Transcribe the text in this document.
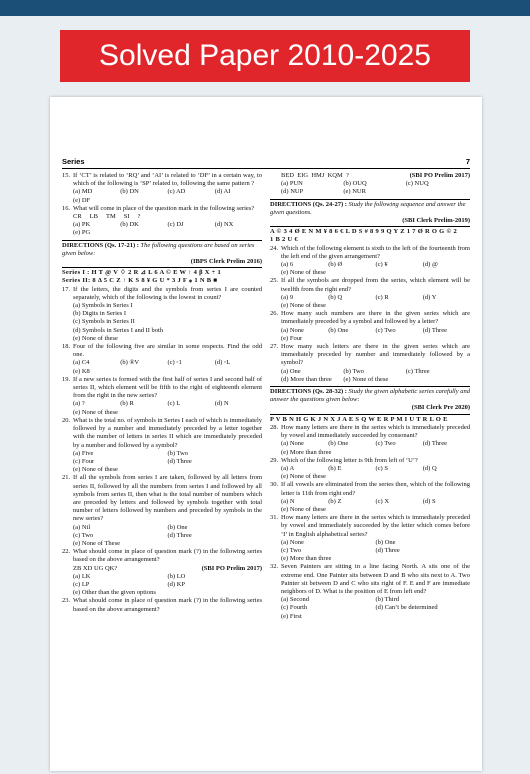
Solved Paper 2010-2025
Series	7
15. If ‘CT’ is related to ‘RQ’ and ‘AI’ is related to ‘DF’ in a certain way, to which of the following is ‘SP’ related to, following the same pattern ?
(a) MD	(b) DN	(c) AD	(d) AI
(e) DF
16. What will come in place of the question mark in the following series?
CR LB TM SI ?
(a) PK	(b) DK	(c) DJ	(d) NX
(e) PG
DIRECTIONS (Qs. 17-21) : The following questions are based on series given below:
(IBPS Clerk Prelim 2016)
Series I : H T @ V ♢ 2 R ⊿ L 6 A © E W ↑ 4 β X ÷ 1
Series II: 8 Δ 5 C Z ↑ K S 8 ¥ G U * 3 J F ⁎ 1 N B ■
17. If the letters, the digits and the symbols from series I are counted separately, which of the following is the lowest in count?
(a) Symbols in Series I
(b) Digits in Series I
(c) Symbols in Series II
(d) Symbols in Series I and II both
(e) None of these
18. Four of the following five are similar in some respects. Find the odd one.
(a) C4	(b) ®V	(c) ◦1	(d) ◦L
(e) K8
19. If a new series is formed with the first half of series I and second half of series II, which element will be fifth to the right of eighteenth element from the right in the new series?
(a) ?	(b) R	(c) L	(d) N
(e) None of these
20. What is the total no. of symbols in Series I each of which is immediately followed by a number and immediately preceded by a letter together with the number of letters in series II which are immediately preceded by a number and followed by a symbol?
(a) Five	(b) Two
(c) Four	(d) Three
(e) None of these
21. If all the symbols from series I are taken, followed by all letters from series II, followed by all the numbers from series I and followed by all symbols from series II, then what is the total number of numbers which are preceded by letters and followed by symbols together with total number of letters followed by numbers and preceded by symbols in the new series?
(a) Nil	(b) One
(c) Two	(d) Three
(e) None of These
22. What should come in place of question mark (?) in the following series based on the above arrangement?
ZB XD UG QK?	(SBI PO Prelim 2017)
(a) LK	(b) LO
(c) LP	(d) KP
(e) Other than the given options
23. What should come in place of question mark (?) in the following series based on the above arrangement?
BED EIG HMJ KQM ?	(SBI PO Prelim 2017)
(a) PUN	(b) OUQ	(c) NUQ
(d) NUP	(e) NUR
DIRECTIONS (Qs. 24-27) : Study the following sequence and answer the given questions.
(SBI Clerk Prelim-2019)
A © 3 4 Ø E N M ¥ 8 6 € L D S # 8 9 9 Q Y Z 1 7 Ø R O G © 2
1 B 2 U €
24. Which of the following element is sixth to the left of the fourteenth from the left end of the given arrangement?
(a) 6	(b) Ø	(c) ¥	(d) @
(e) None of these
25. If all the symbols are dropped from the series, which element will be twelfth from the right end?
(a) 9	(b) Q	(c) R	(d) Y
(e) None of these
26. How many such numbers are there in the given series which are immediately preceded by a symbol and followed by a letter?
(a) None	(b) One	(c) Two	(d) Three
(e) Four
27. How many such letters are there in the given series which are immediately preceded by number and immediately followed by a symbol?
(a) One	(b) Two	(c) Three
(d) More than three	(e) None of these
DIRECTIONS (Qs. 28-32) : Study the given alphabetic series carefully and answer the questions given below:
(SBI Clerk Pre 2020)
P V B N H G K J N X J A E S Q W E R P M I U T R L O E
28. How many letters are there in the series which is immediately preceded by vowel and immediately succeeded by consonant?
(a) None	(b) One	(c) Two	(d) Three
(e) More than three
29. Which of the following letter is 9th from left of ‘U’?
(a) A	(b) E	(c) S	(d) Q
(e) None of these
30. If all vowels are eliminated from the series then, which of the following letter is 11th from right end?
(a) N	(b) Z	(c) X	(d) S
(e) None of these
31. How many letters are there in the series which is immediately preceded by vowel and immediately succeeded by the letter which comes before ‘I’ in English alphabetical series?
(a) None	(b) One
(c) Two	(d) Three
(e) More than three
32. Seven Painters are sitting in a line facing North. A sits one of the extreme end. One Painter sits between D and B who sits next to A. Two Painter sit between D and C who sits right of F. E and F are immediate neighbors of D. What is the position of E from left end?
(a) Second	(b) Third
(c) Fourth	(d) Can’t be determined
(e) First
